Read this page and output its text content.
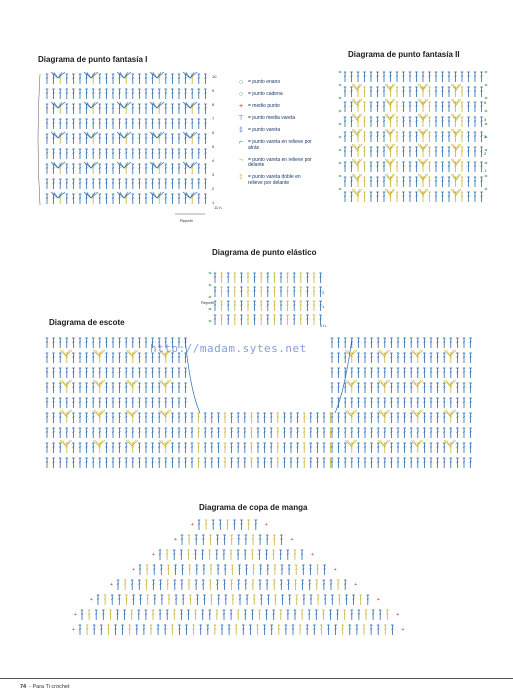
Diagrama de punto fantasía I
Diagrama de punto fantasía II
Diagrama de punto elástico
Diagrama de escote
Diagrama de copa de manga
○ = punto enano
○ = punto cadena
+ = medio punto
⊤ = punto media vareta
‡	= punto vareta
⌐ = punto vareta en relieve por atrás
¬ = punto vareta en relieve por delante
‡	= punto vareta doble en relieve por delante
+	+
+	+
+	+
+	+
+	+
+	+
+	+
+	+
10
9
8
7
6
5
4
3
2
1
11 h.
Repetir
5
4
3
2
1
2
1
0 h.
Repetir
http://madam.sytes.net
74 - Para Ti crochet
